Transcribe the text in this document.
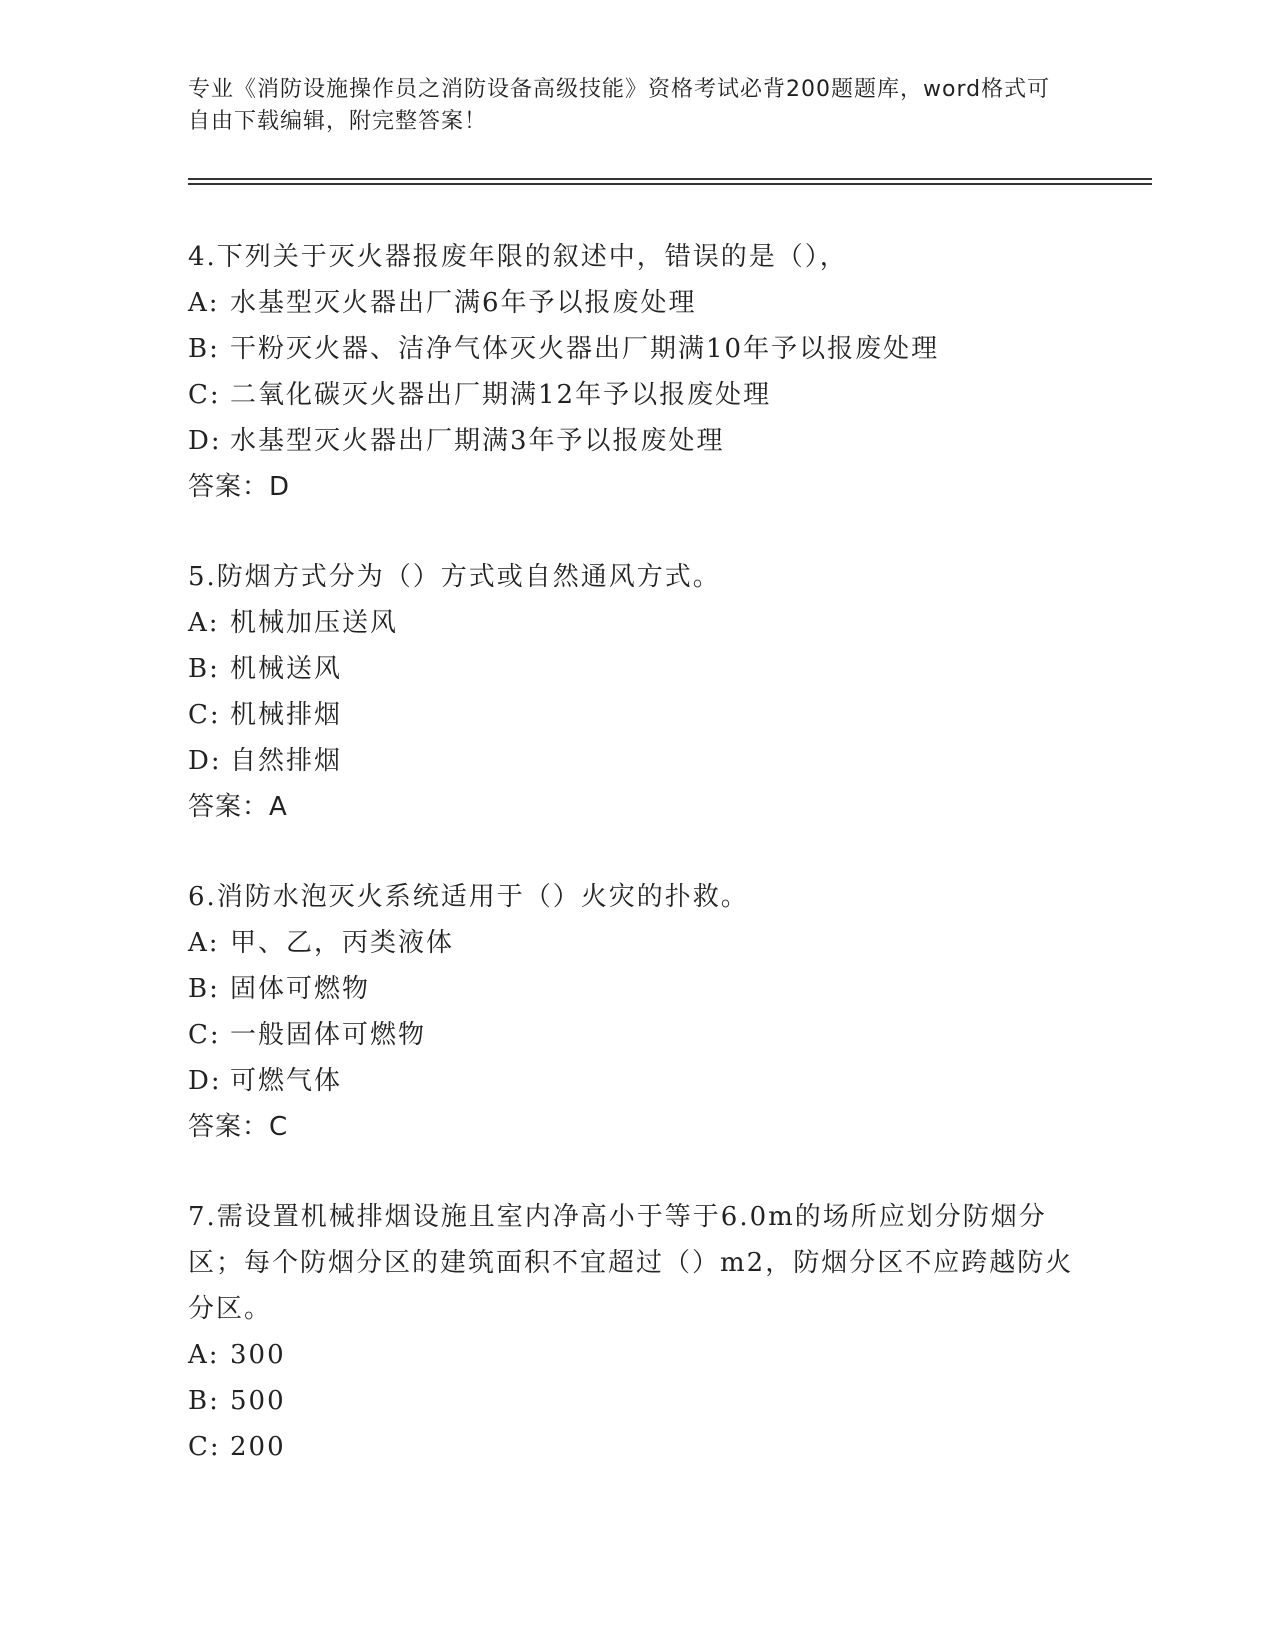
专业《消防设施操作员之消防设备高级技能》资格考试必背200题题库，word格式可自由下载编辑，附完整答案！
4.下列关于灭火器报废年限的叙述中，错误的是（），
A: 水基型灭火器出厂满6年予以报废处理
B: 干粉灭火器、洁净气体灭火器出厂期满10年予以报废处理
C: 二氧化碳灭火器出厂期满12年予以报废处理
D: 水基型灭火器出厂期满3年予以报废处理
答案：D
5.防烟方式分为（）方式或自然通风方式。
A: 机械加压送风
B: 机械送风
C: 机械排烟
D: 自然排烟
答案：A
6.消防水泡灭火系统适用于（）火灾的扑救。
A: 甲、乙，丙类液体
B: 固体可燃物
C: 一般固体可燃物
D: 可燃气体
答案：C
7.需设置机械排烟设施且室内净高小于等于6.0m的场所应划分防烟分区；每个防烟分区的建筑面积不宜超过（）m2，防烟分区不应跨越防火分区。
A: 300
B: 500
C: 200
